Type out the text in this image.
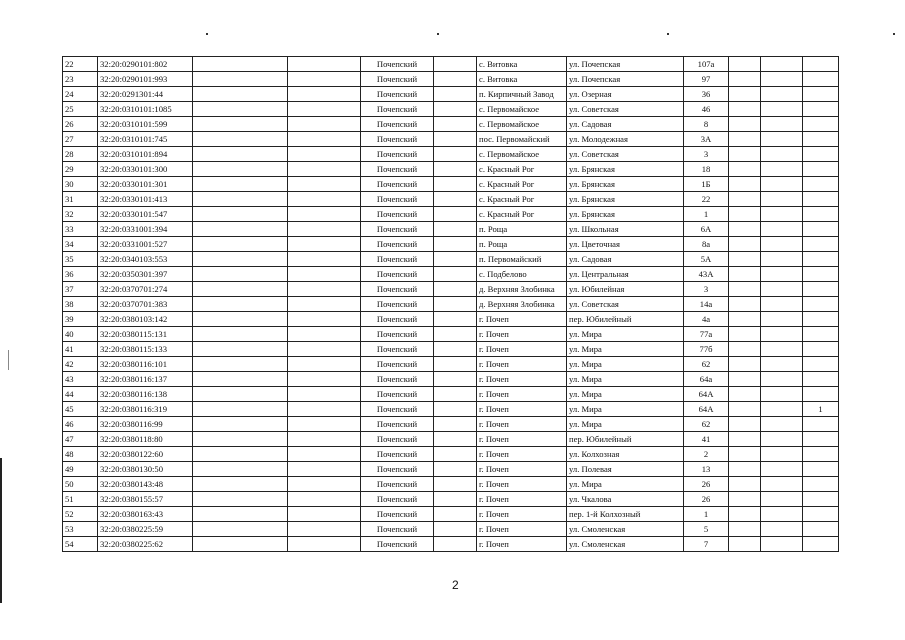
22	32:20:0290101:802			Почепский		с. Витовка	ул. Почепская	107а			
23	32:20:0290101:993			Почепский		с. Витовка	ул. Почепская	97			
24	32:20:0291301:44			Почепский		п. Кирпичный Завод	ул. Озерная	36			
25	32:20:0310101:1085			Почепский		с. Первомайское	ул. Советская	46			
26	32:20:0310101:599			Почепский		с. Первомайское	ул. Садовая	8			
27	32:20:0310101:745			Почепский		пос. Первомайский	ул. Молодежная	3А			
28	32:20:0310101:894			Почепский		с. Первомайское	ул. Советская	3			
29	32:20:0330101:300			Почепский		с. Красный Рог	ул. Брянская	18			
30	32:20:0330101:301			Почепский		с. Красный Рог	ул. Брянская	1Б			
31	32:20:0330101:413			Почепский		с. Красный Рог	ул. Брянская	22			
32	32:20:0330101:547			Почепский		с. Красный Рог	ул. Брянская	1			
33	32:20:0331001:394			Почепский		п. Роща	ул. Школьная	6А			
34	32:20:0331001:527			Почепский		п. Роща	ул. Цветочная	8а			
35	32:20:0340103:553			Почепский		п. Первомайский	ул. Садовая	5А			
36	32:20:0350301:397			Почепский		с. Подбелово	ул. Центральная	43А			
37	32:20:0370701:274			Почепский		д. Верхняя Злобинка	ул. Юбилейная	3			
38	32:20:0370701:383			Почепский		д. Верхняя Злобинка	ул. Советская	14а			
39	32:20:0380103:142			Почепский		г. Почеп	пер. Юбилейный	4а			
40	32:20:0380115:131			Почепский		г. Почеп	ул. Мира	77а			
41	32:20:0380115:133			Почепский		г. Почеп	ул. Мира	77б			
42	32:20:0380116:101			Почепский		г. Почеп	ул. Мира	62			
43	32:20:0380116:137			Почепский		г. Почеп	ул. Мира	64а			
44	32:20:0380116:138			Почепский		г. Почеп	ул. Мира	64А			
45	32:20:0380116:319			Почепский		г. Почеп	ул. Мира	64А			1
46	32:20:0380116:99			Почепский		г. Почеп	ул. Мира	62			
47	32:20:0380118:80			Почепский		г. Почеп	пер. Юбилейный	41			
48	32:20:0380122:60			Почепский		г. Почеп	ул. Колхозная	2			
49	32:20:0380130:50			Почепский		г. Почеп	ул. Полевая	13			
50	32:20:0380143:48			Почепский		г. Почеп	ул. Мира	26			
51	32:20:0380155:57			Почепский		г. Почеп	ул. Чкалова	26			
52	32:20:0380163:43			Почепский		г. Почеп	пер. 1-й Колхозный	1			
53	32:20:0380225:59			Почепский		г. Почеп	ул. Смоленская	5			
54	32:20:0380225:62			Почепский		г. Почеп	ул. Смоленская	7			
2
